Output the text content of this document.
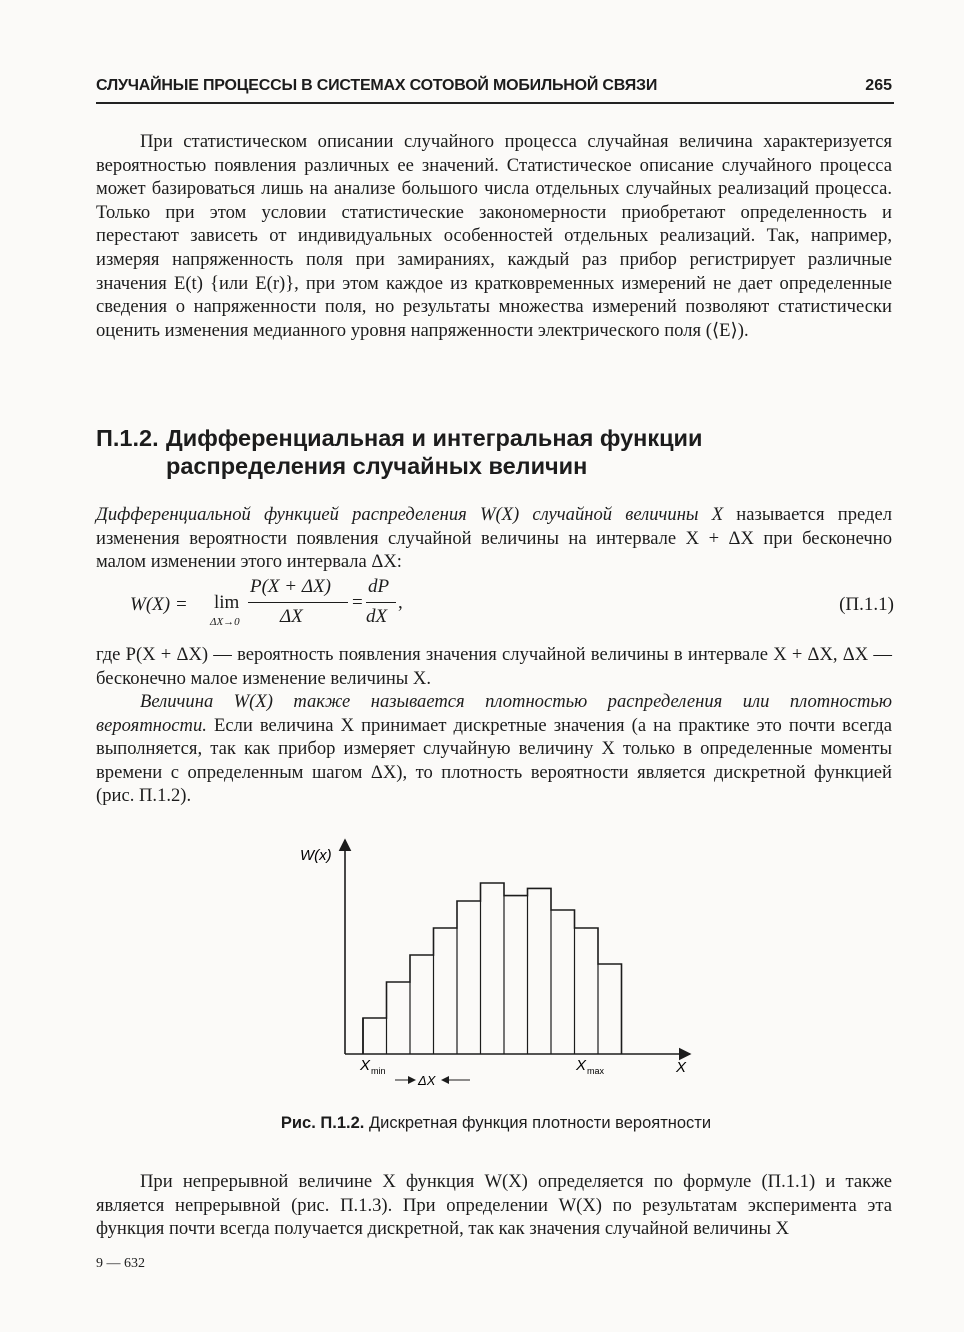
СЛУЧАЙНЫЕ ПРОЦЕССЫ В СИСТЕМАХ СОТОВОЙ МОБИЛЬНОЙ СВЯЗИ	265

При статистическом описании случайного процесса случайная величина характеризуется вероятностью появления различных ее значений. Статистическое описание случайного процесса может базироваться лишь на анализе большого числа отдельных случайных реализаций процесса. Только при этом условии статистические закономерности приобретают определенность и перестают зависеть от индивидуальных особенностей отдельных реализаций. Так, например, измеряя напряженность поля при замираниях, каждый раз прибор регистрирует различные значения E(t) {или E(r)}, при этом каждое из кратковременных измерений не дает определенные сведения о напряженности поля, но результаты множества измерений позволяют статистически оценить изменения медианного уровня напряженности электрического поля (⟨E⟩).

П.1.2. Дифференциальная и интегральная функции
распределения случайных величин

Дифференциальной функцией распределения W(X) случайной величины X называется предел изменения вероятности появления случайной величины на интервале X + ΔX при бесконечно малом изменении этого интервала ΔX:

W(X) = lim
ΔX→0
P(X + ΔX)
ΔX
=
dP
dX
,	(П.1.1)

где P(X + ΔX) — вероятность появления значения случайной величины в интервале X + ΔX, ΔX — бесконечно малое изменение величины X.

Величина W(X) также называется плотностью распределения или плотностью вероятности. Если величина X принимает дискретные значения (а на практике это почти всегда выполняется, так как прибор измеряет случайную величину X только в определенные моменты времени с определенным шагом ΔX), то плотность вероятности является дискретной функцией (рис. П.1.2).

W(x)
X
X min	X max
ΔX
Рис. П.1.2. Дискретная функция плотности вероятности

При непрерывной величине X функция W(X) определяется по формуле (П.1.1) и также является непрерывной (рис. П.1.3). При определении W(X) по результатам эксперимента эта функция почти всегда получается дискретной, так как значения случайной величины X

9 — 632
